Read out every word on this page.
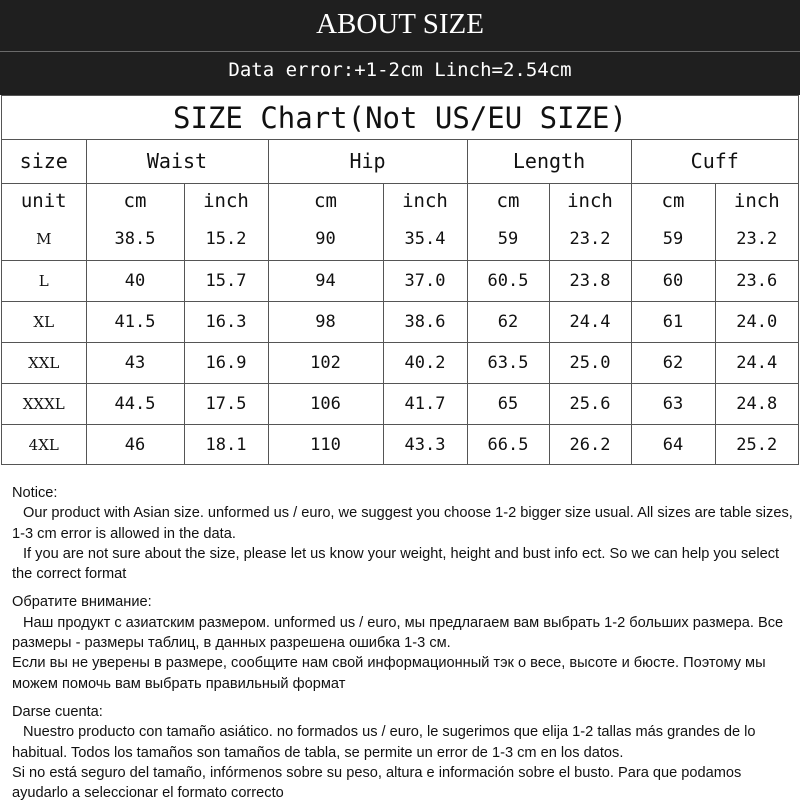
ABOUT SIZE
Data error:+1-2cm Linch=2.54cm
SIZE Chart(Not US/EU SIZE)
size	Waist		Hip		Length		Cuff	
unit	cm	inch	cm	inch	cm	inch	cm	inch
M	38.5	15.2	90	35.4	59	23.2	59	23.2
L	40	15.7	94	37.0	60.5	23.8	60	23.6
XL	41.5	16.3	98	38.6	62	24.4	61	24.0
XXL	43	16.9	102	40.2	63.5	25.0	62	24.4
XXXL	44.5	17.5	106	41.7	65	25.6	63	24.8
4XL	46	18.1	110	43.3	66.5	26.2	64	25.2

Notice:

Our product with Asian size. unformed us / euro, we suggest you choose 1-2 bigger size usual. All sizes are table sizes, 1-3 cm error is allowed in the data.

If you are not sure about the size, please let us know your weight, height and bust info ect. So we can help you select the correct format

Обратите внимание:

Наш продукт с азиатским размером. unformed us / euro, мы предлагаем вам выбрать 1-2 больших размера. Все размеры - размеры таблиц, в данных разрешена ошибка 1-3 см.

Если вы не уверены в размере, сообщите нам свой информационный тэк о весе, высоте и бюсте. Поэтому мы можем помочь вам выбрать правильный формат

Darse cuenta:

Nuestro producto con tamaño asiático. no formados us / euro, le sugerimos que elija 1-2 tallas más grandes de lo habitual. Todos los tamaños son tamaños de tabla, se permite un error de 1-3 cm en los datos.

Si no está seguro del tamaño, infórmenos sobre su peso, altura e información sobre el busto. Para que podamos ayudarlo a seleccionar el formato correcto
